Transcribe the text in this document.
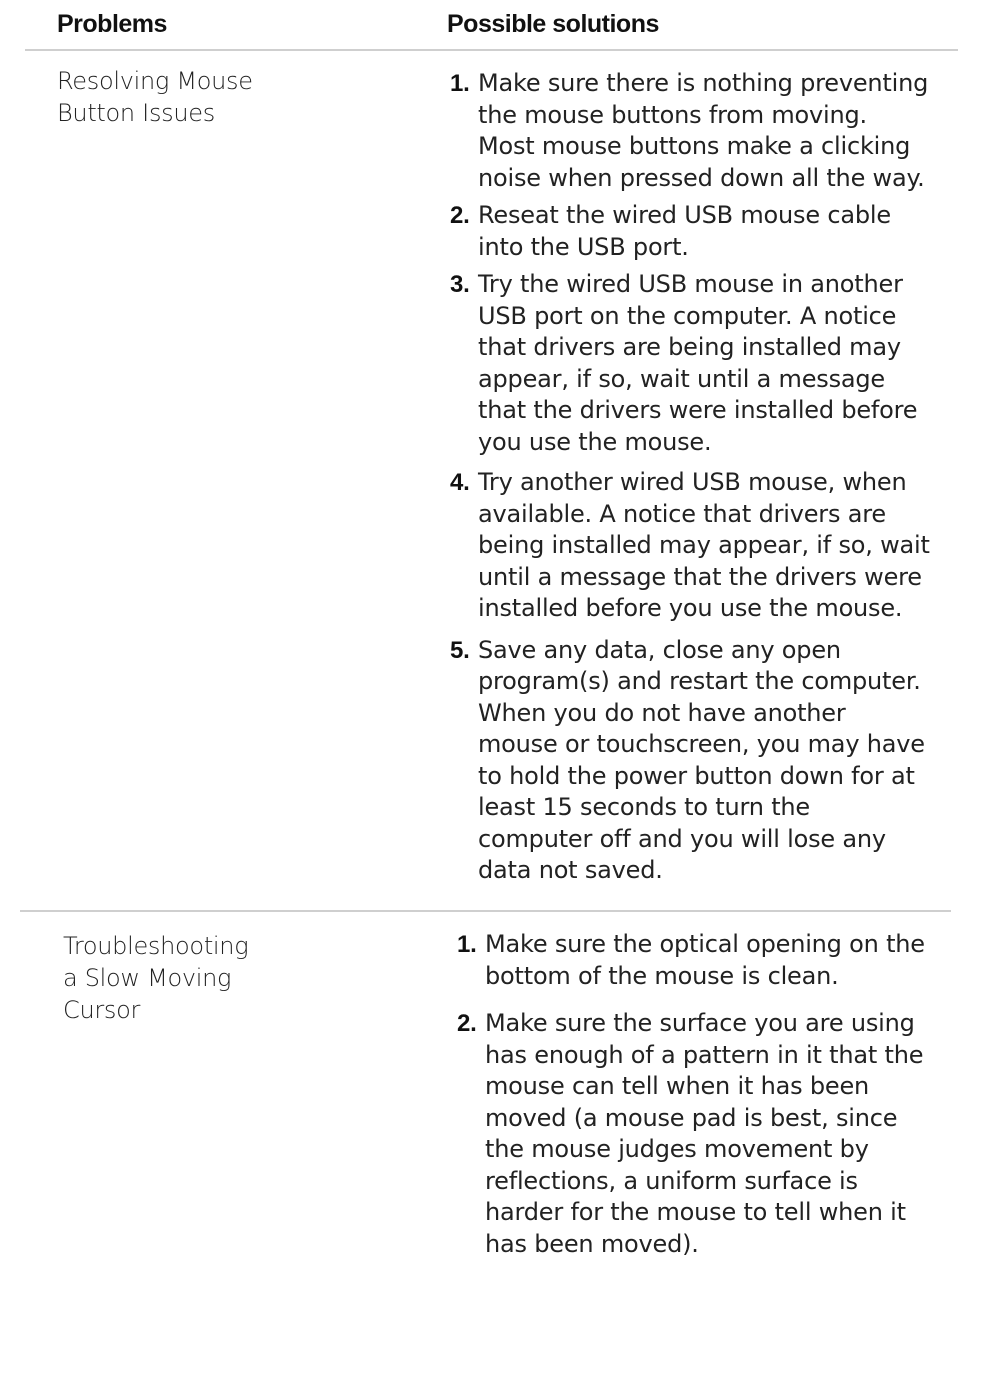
Problems	Possible solutions
Resolving Mouse Button Issues
1. Make sure there is nothing preventing the mouse buttons from moving. Most mouse buttons make a clicking noise when pressed down all the way.
2. Reseat the wired USB mouse cable into the USB port.
3. Try the wired USB mouse in another USB port on the computer. A notice that drivers are being installed may appear, if so, wait until a message that the drivers were installed before you use the mouse.
4. Try another wired USB mouse, when available. A notice that drivers are being installed may appear, if so, wait until a message that the drivers were installed before you use the mouse.
5. Save any data, close any open program(s) and restart the computer. When you do not have another mouse or touchscreen, you may have to hold the power button down for at least 15 seconds to turn the computer off and you will lose any data not saved.
Troubleshooting a Slow Moving Cursor
1. Make sure the optical opening on the bottom of the mouse is clean.
2. Make sure the surface you are using has enough of a pattern in it that the mouse can tell when it has been moved (a mouse pad is best, since the mouse judges movement by reflections, a uniform surface is harder for the mouse to tell when it has been moved).
